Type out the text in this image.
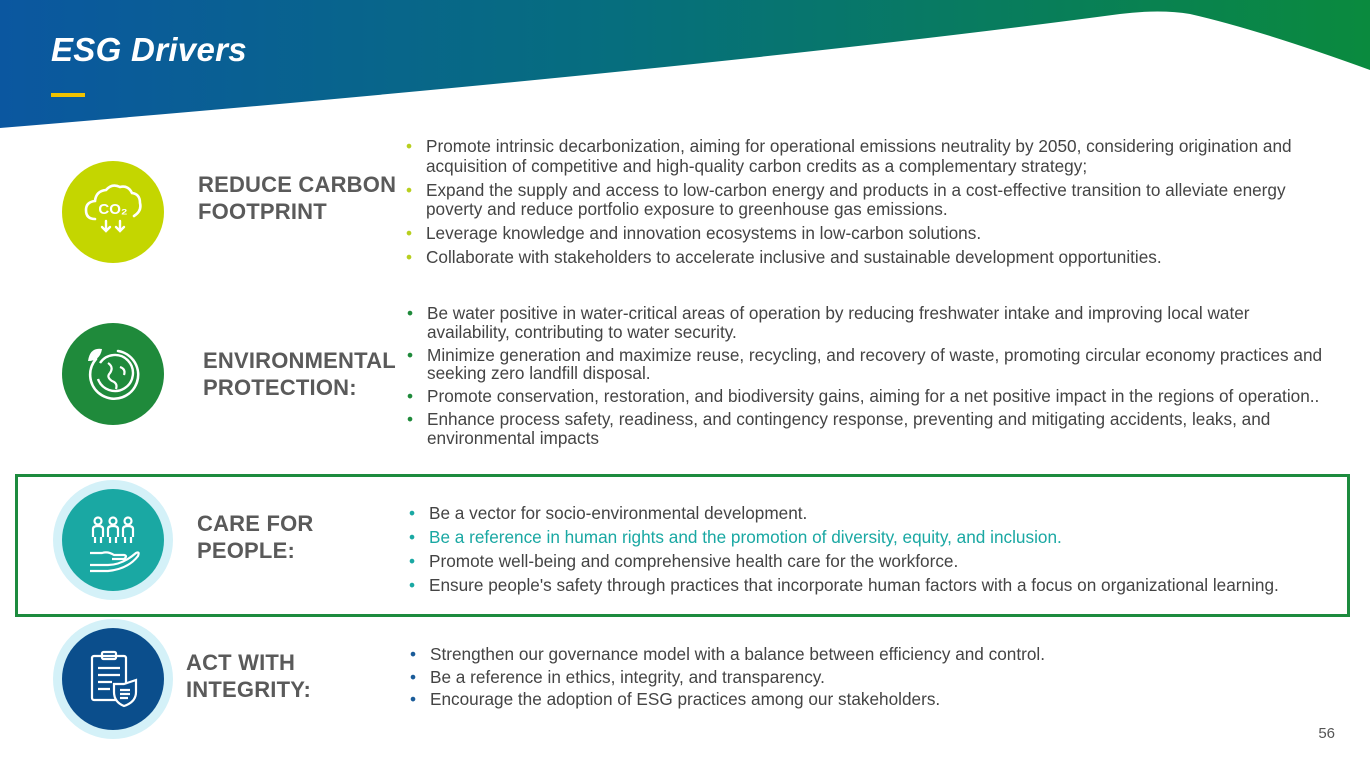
ESG Drivers
CO₂
REDUCE CARBON
FOOTPRINT
• Promote intrinsic decarbonization, aiming for operational emissions neutrality by 2050, considering origination and acquisition of competitive and high-quality carbon credits as a complementary strategy;
• Expand the supply and access to low-carbon energy and products in a cost-effective transition to alleviate energy poverty and reduce portfolio exposure to greenhouse gas emissions.
• Leverage knowledge and innovation ecosystems in low-carbon solutions.
• Collaborate with stakeholders to accelerate inclusive and sustainable development opportunities.
ENVIRONMENTAL
PROTECTION:
• Be water positive in water-critical areas of operation by reducing freshwater intake and improving local water availability, contributing to water security.
• Minimize generation and maximize reuse, recycling, and recovery of waste, promoting circular economy practices and seeking zero landfill disposal.
• Promote conservation, restoration, and biodiversity gains, aiming for a net positive impact in the regions of operation..
• Enhance process safety, readiness, and contingency response, preventing and mitigating accidents, leaks, and environmental impacts
CARE FOR
PEOPLE:
• Be a vector for socio-environmental development.
• Be a reference in human rights and the promotion of diversity, equity, and inclusion.
• Promote well-being and comprehensive health care for the workforce.
• Ensure people's safety through practices that incorporate human factors with a focus on organizational learning.
ACT WITH
INTEGRITY:
• Strengthen our governance model with a balance between efficiency and control.
• Be a reference in ethics, integrity, and transparency.
• Encourage the adoption of ESG practices among our stakeholders.
56
